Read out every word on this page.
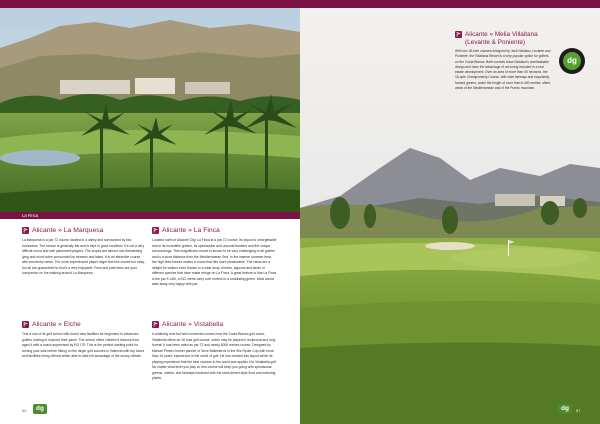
La Finca
Alicante » La Marquesa

La Marquesa is a par 72 course located in a valley and surrounded by two mountains. The course is generally flat and is kept in good condition. It's not a very difficult round and well placement players. The slopes are almost non-threatening lying and short holes surrounded by streams and lakes. It is an attractive course with wonderful views. The more experienced player might find this course too easy, but all are guaranteed to find it a very enjoyable. Fees and patio fees are your companion on the walking around La Marquesa.

Alicante » La Finca

Located north of Alicante City, La Finca is a par 72 course. Its layout is unforgettable due to its incredible greens, its spectacular and unusual bunkers and the unique surroundings. This magnificent course is known to be very challenging to all golfers and is a short distance from the Mediterranean Sea. In the warmer summer heat, the high tees breeze makes a round that hits more pleasurable. The views are a delight for visitors even thanks to a wide array of trees, lagoons and lands of different species that have made refuge on La Finca. A great feature is that La Finca is the par 5 14th, a 512 metre carry over meters to a undulating green. Most would walk away very happy with par.

Alicante » Elche

This a one of its golf school with brand new facilities for beginners to advanced golfers looking to improve their game. The school offers children's lessons from aged 4 with a coach supervised by RG CR. This is the perfect starting point for turning your kids before hitting on the larger golf courses in Valencia with top tutors and facilities being offered within able to take full advantage of the sunny climate.

Alicante » Vistabella

A relatively new but well conceived course near the Costa Blanca golf coast, Vistabella offers an 18 hole golf course, which may be played in reciprocal and long format. It has been rated as par 72 and nearly 6000 metres course. Designed by Manuel Pineiro former partner of Seve Ballesteros in the 90s Ryder Cup with more than 10 years' experience in the world of golf. He has created this layout which its playing experience that the best courses in the world and applies it to Vistabella golf. No matter what level you play at, this course will keep you going with spectacular greens, shelter, and fairways bordered with the stark desert style flora and maturing plants.

86	dg
Alicante » Melia Villaitana
(Levante & Poniente)

With two 18-hole courses designed by Jack Nicklaus, Levante and Poniente, the Villaitana Resort is a very popular option for golfers on the Costa Blanca. Both courses show Nicklaus's unmistakable design and have the advantage of not being included in a real estate development. Over an area of more than 90 hectares, the 18-ople Championship Course, with wide fairways and exquisitely formed greens, under the length of more than 6.400 metres, offers views of the Mediterranean and of the Puerto mountain.

dg
dg	87
